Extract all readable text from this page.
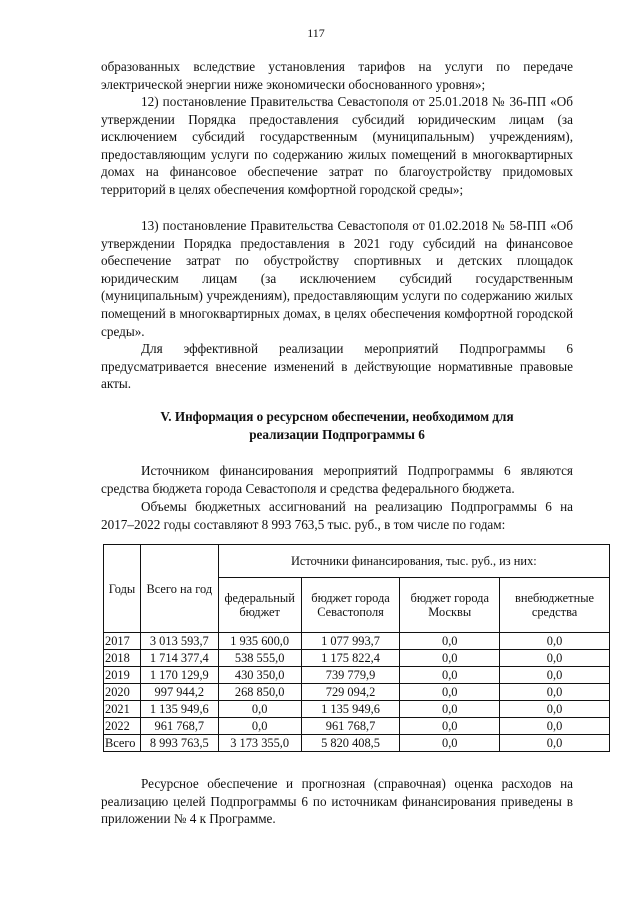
117

образованных вследствие установления тарифов на услуги по передаче электрической энергии ниже экономически обоснованного уровня»;

12) постановление Правительства Севастополя от 25.01.2018 № 36-ПП «Об утверждении Порядка предоставления субсидий юридическим лицам (за исключением субсидий государственным (муниципальным) учреждениям), предоставляющим услуги по содержанию жилых помещений в многоквартирных домах на финансовое обеспечение затрат по благоустройству придомовых территорий в целях обеспечения комфортной городской среды»;

13) постановление Правительства Севастополя от 01.02.2018 № 58-ПП «Об утверждении Порядка предоставления в 2021 году субсидий на финансовое обеспечение затрат по обустройству спортивных и детских площадок юридическим лицам (за исключением субсидий государственным (муниципальным) учреждениям), предоставляющим услуги по содержанию жилых помещений в многоквартирных домах, в целях обеспечения комфортной городской среды».

Для эффективной реализации мероприятий Подпрограммы 6 предусматривается внесение изменений в действующие нормативные правовые акты.

V. Информация о ресурсном обеспечении, необходимом для
реализации Подпрограммы 6

Источником финансирования мероприятий Подпрограммы 6 являются средства бюджета города Севастополя и средства федерального бюджета.

Объемы бюджетных ассигнований на реализацию Подпрограммы 6 на 2017–2022 годы составляют 8 993 763,5 тыс. руб., в том числе по годам:

Годы	Всего на год	Источники финансирования, тыс. руб., из них:			
		федеральный бюджет	бюджет города Севастополя	бюджет города Москвы	внебюджетные средства
2017	3 013 593,7	1 935 600,0	1 077 993,7	0,0	0,0
2018	1 714 377,4	538 555,0	1 175 822,4	0,0	0,0
2019	1 170 129,9	430 350,0	739 779,9	0,0	0,0
2020	997 944,2	268 850,0	729 094,2	0,0	0,0
2021	1 135 949,6	0,0	1 135 949,6	0,0	0,0
2022	961 768,7	0,0	961 768,7	0,0	0,0
Всего	8 993 763,5	3 173 355,0	5 820 408,5	0,0	0,0

Ресурсное обеспечение и прогнозная (справочная) оценка расходов на реализацию целей Подпрограммы 6 по источникам финансирования приведены в приложении № 4 к Программе.
